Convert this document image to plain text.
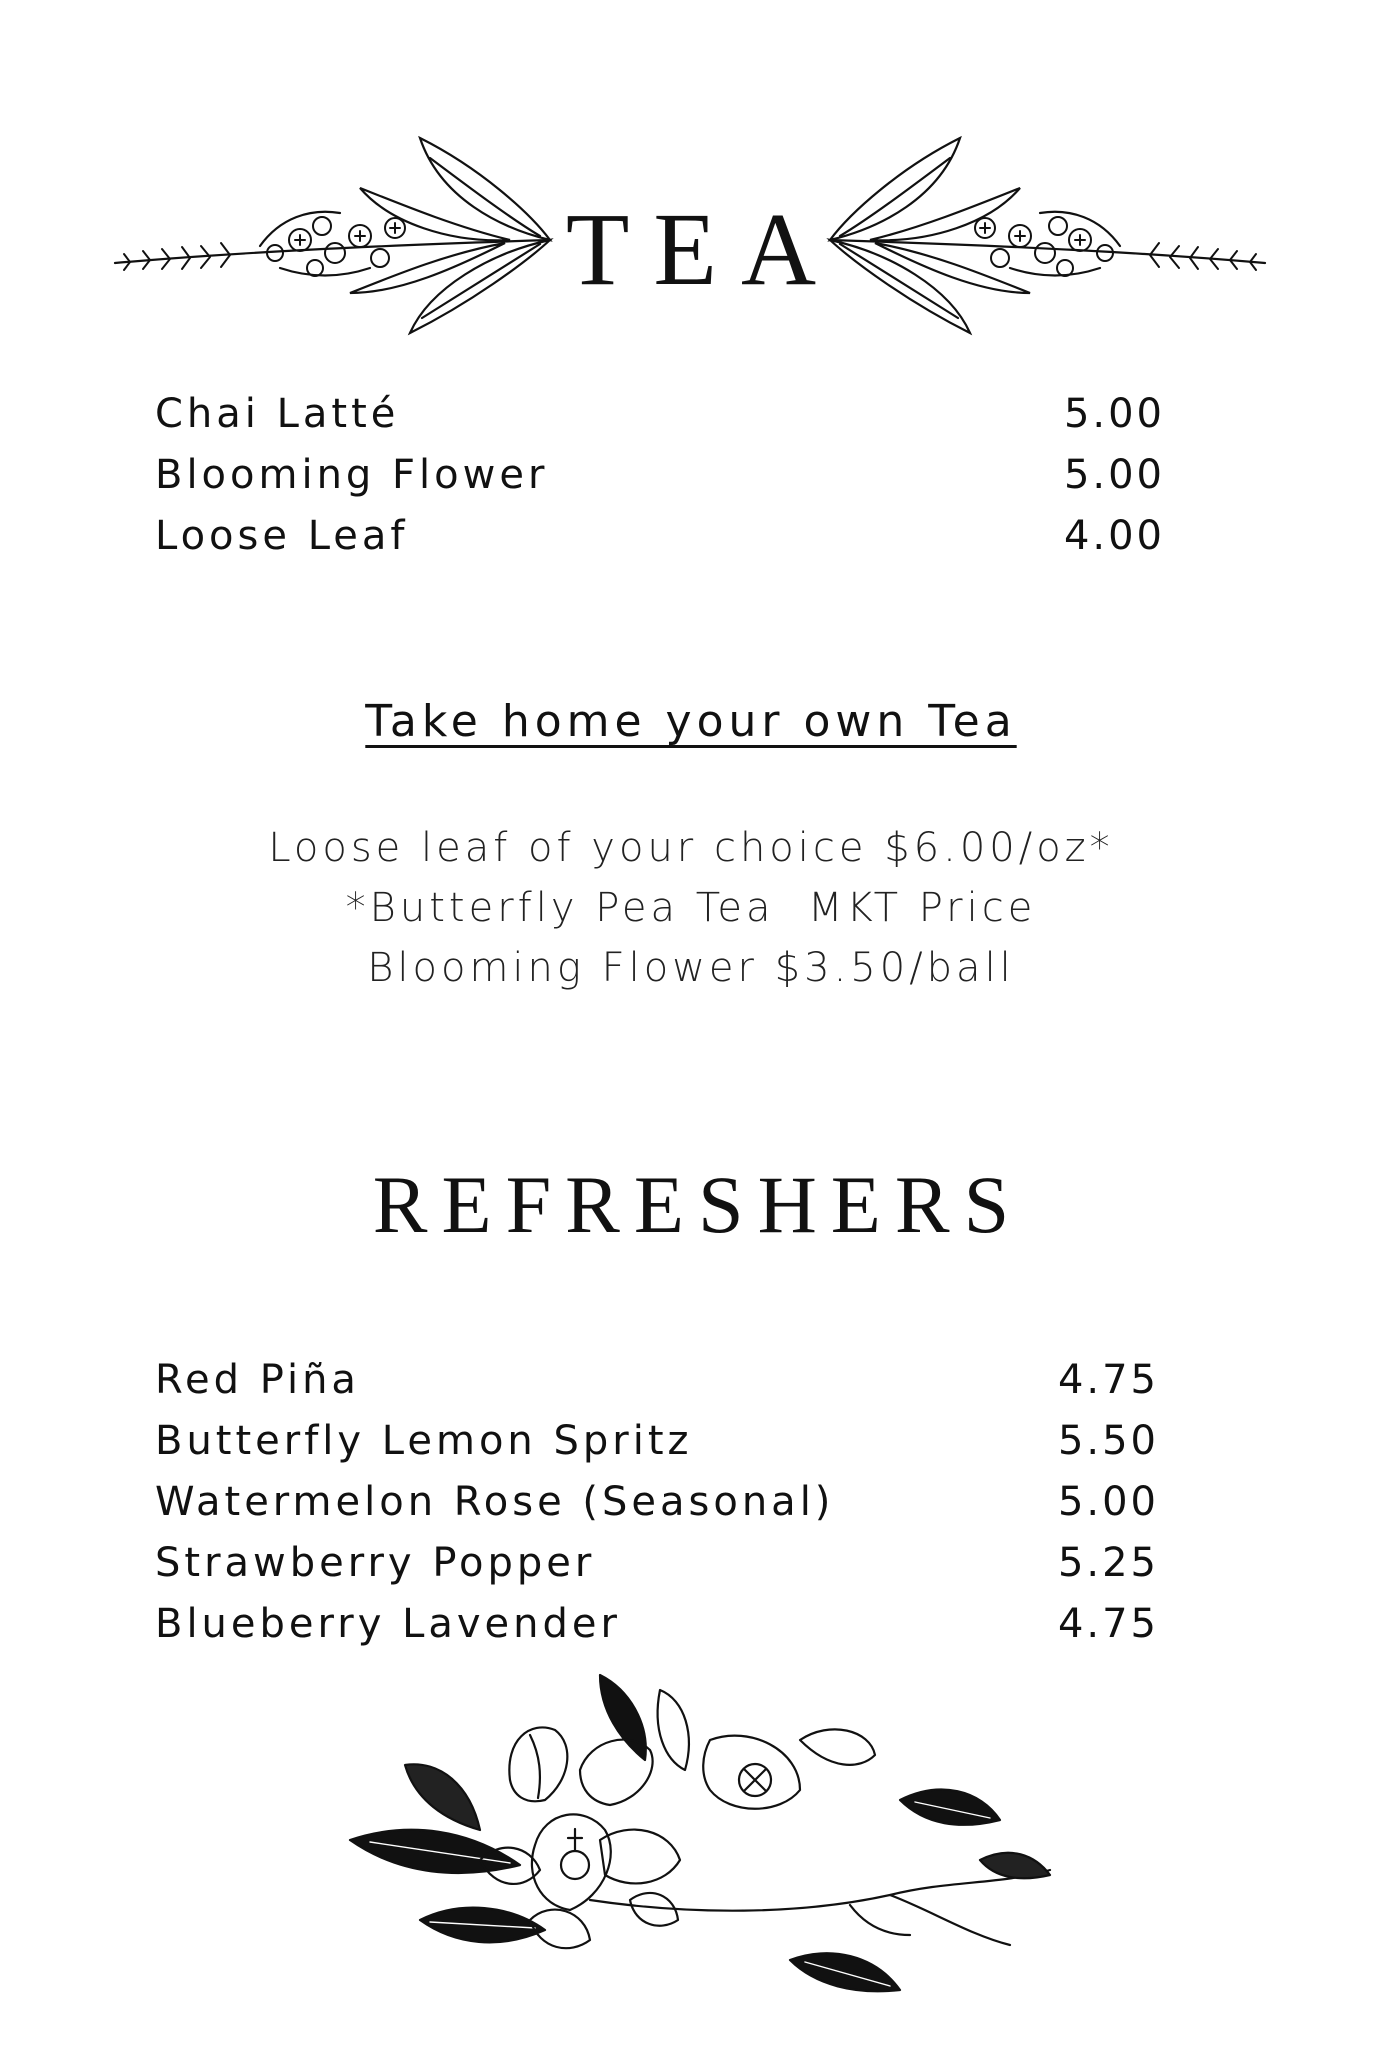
TEA
Chai Latté	5.00
Blooming Flower	5.00
Loose Leaf	4.00
Take home your own Tea
Loose leaf of your choice $6.00/oz*
*Butterfly Pea Tea  MKT Price
Blooming Flower $3.50/ball
REFRESHERS
Red Piña	4.75
Butterfly Lemon Spritz	5.50
Watermelon Rose (Seasonal)	5.00
Strawberry Popper	5.25
Blueberry Lavender	4.75
